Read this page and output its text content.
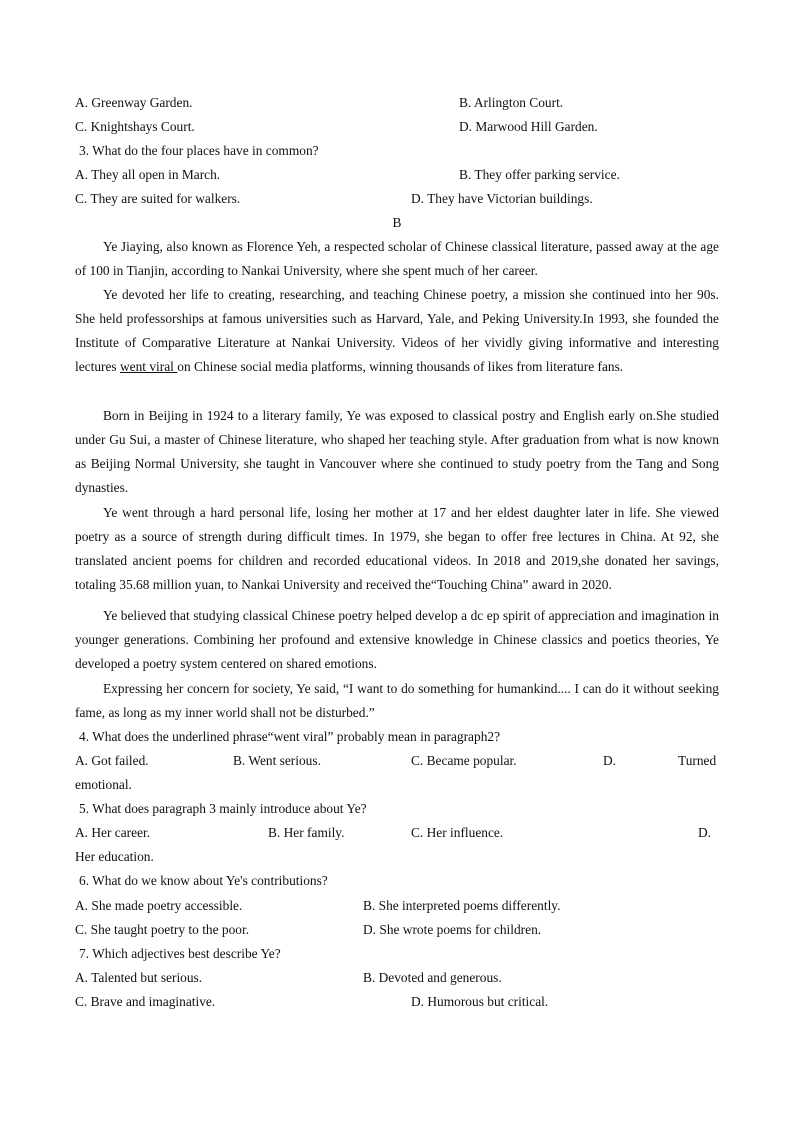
A. Greenway Garden.	B. Arlington Court.
C. Knightshays Court.	D. Marwood Hill Garden.
3. What do the four places have in common?
A. They all open in March.	B. They offer parking service.
C. They are suited for walkers.	D. They have Victorian buildings.
B
Ye Jiaying, also known as Florence Yeh, a respected scholar of Chinese classical literature, passed away at the age of 100 in Tianjin, according to Nankai University, where she spent much of her career.
Ye devoted her life to creating, researching, and teaching Chinese poetry, a mission she continued into her 90s. She held professorships at famous universities such as Harvard, Yale, and Peking University.In 1993, she founded the Institute of Comparative Literature at Nankai University. Videos of her vividly giving informative and interesting lectures went viral on Chinese social media platforms, winning thousands of likes from literature fans.
Born in Beijing in 1924 to a literary family, Ye was exposed to classical postry and English early on.She studied under Gu Sui, a master of Chinese literature, who shaped her teaching style. After graduation from what is now known as Beijing Normal University, she taught in Vancouver where she continued to study poetry from the Tang and Song dynasties.
Ye went through a hard personal life, losing her mother at 17 and her eldest daughter later in life. She viewed poetry as a source of strength during difficult times. In 1979, she began to offer free lectures in China. At 92, she translated ancient poems for children and recorded educational videos. In 2018 and 2019,she donated her savings, totaling 35.68 million yuan, to Nankai University and received the“Touching China” award in 2020.
Ye believed that studying classical Chinese poetry helped develop a dc ep spirit of appreciation and imagination in younger generations. Combining her profound and extensive knowledge in Chinese classics and poetics theories, Ye developed a poetry system centered on shared emotions.
Expressing her concern for society, Ye said, “I want to do something for humankind.... I can do it without seeking fame, as long as my inner world shall not be disturbed.”
4. What does the underlined phrase“went viral” probably mean in paragraph2?
A. Got failed.	B. Went serious.	C. Became popular.	D.	Turned
emotional.
5. What does paragraph 3 mainly introduce about Ye?
A. Her career.	B. Her family.	C. Her influence.	D.
Her education.
6. What do we know about Ye's contributions?
A. She made poetry accessible.	B. She interpreted poems differently.
C. She taught poetry to the poor.	D. She wrote poems for children.
7. Which adjectives best describe Ye?
A. Talented but serious.	B. Devoted and generous.
C. Brave and imaginative.	D. Humorous but critical.
